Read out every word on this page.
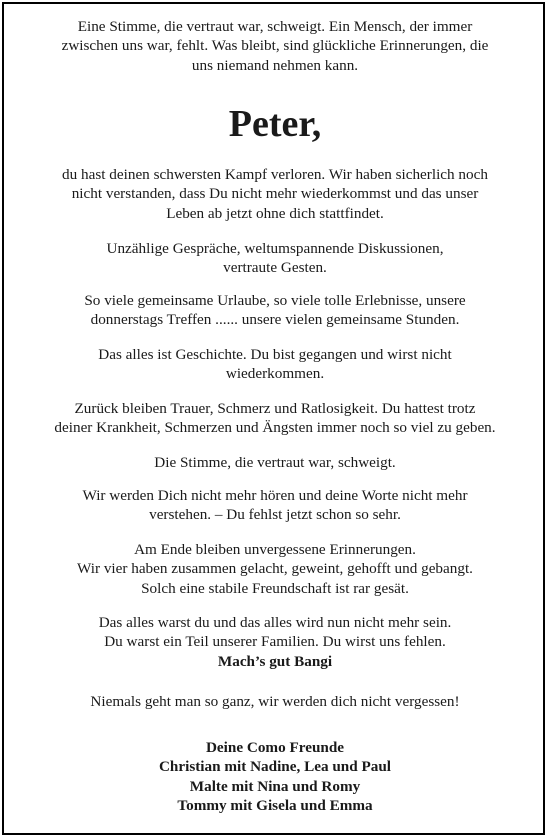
Eine Stimme, die vertraut war, schweigt. Ein Mensch, der immer
zwischen uns war, fehlt. Was bleibt, sind glückliche Erinnerungen, die
uns niemand nehmen kann.

Peter,

du hast deinen schwersten Kampf verloren. Wir haben sicherlich noch
nicht verstanden, dass Du nicht mehr wiederkommst und das unser
Leben ab jetzt ohne dich stattfindet.

Unzählige Gespräche, weltumspannende Diskussionen,
vertraute Gesten.

So viele gemeinsame Urlaube, so viele tolle Erlebnisse, unsere
donnerstags Treffen ...... unsere vielen gemeinsame Stunden.

Das alles ist Geschichte. Du bist gegangen und wirst nicht
wiederkommen.

Zurück bleiben Trauer, Schmerz und Ratlosigkeit. Du hattest trotz
deiner Krankheit, Schmerzen und Ängsten immer noch so viel zu geben.

Die Stimme, die vertraut war, schweigt.

Wir werden Dich nicht mehr hören und deine Worte nicht mehr
verstehen. – Du fehlst jetzt schon so sehr.

Am Ende bleiben unvergessene Erinnerungen.
Wir vier haben zusammen gelacht, geweint, gehofft und gebangt.
Solch eine stabile Freundschaft ist rar gesät.

Das alles warst du und das alles wird nun nicht mehr sein.
Du warst ein Teil unserer Familien. Du wirst uns fehlen.

Mach’s gut Bangi

Niemals geht man so ganz, wir werden dich nicht vergessen!

Deine Como Freunde
Christian mit Nadine, Lea und Paul
Malte mit Nina und Romy
Tommy mit Gisela und Emma
